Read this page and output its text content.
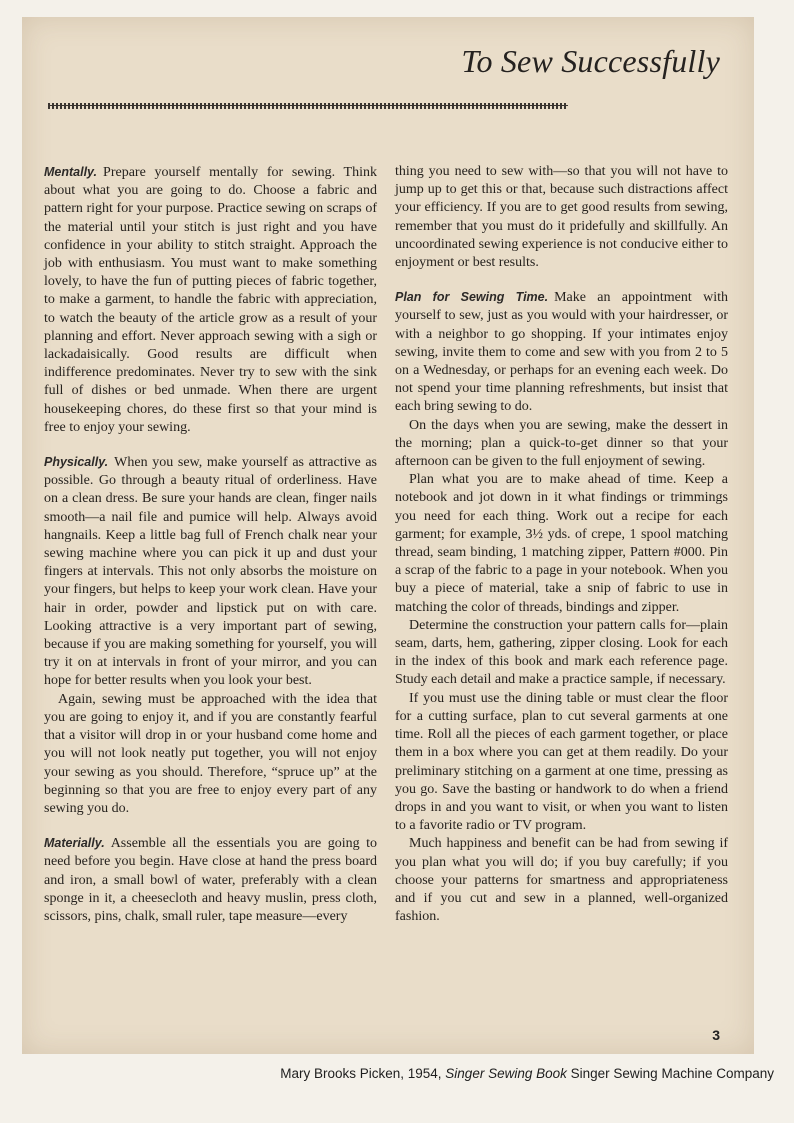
To Sew Successfully

Mentally. Prepare yourself mentally for sewing. Think about what you are going to do. Choose a fabric and pattern right for your purpose. Practice sewing on scraps of the material until your stitch is just right and you have confidence in your ability to stitch straight. Approach the job with enthusiasm. You must want to make something lovely, to have the fun of putting pieces of fabric together, to make a garment, to handle the fabric with appreciation, to watch the beauty of the article grow as a result of your planning and effort. Never approach sewing with a sigh or lackadaisically. Good results are difficult when indifference predominates. Never try to sew with the sink full of dishes or bed unmade. When there are urgent housekeeping chores, do these first so that your mind is free to enjoy your sewing.

Physically. When you sew, make yourself as attractive as possible. Go through a beauty ritual of orderliness. Have on a clean dress. Be sure your hands are clean, finger nails smooth—a nail file and pumice will help. Always avoid hangnails. Keep a little bag full of French chalk near your sewing machine where you can pick it up and dust your fingers at intervals. This not only absorbs the moisture on your fingers, but helps to keep your work clean. Have your hair in order, powder and lipstick put on with care. Looking attractive is a very important part of sewing, because if you are making something for yourself, you will try it on at intervals in front of your mirror, and you can hope for better results when you look your best.

Again, sewing must be approached with the idea that you are going to enjoy it, and if you are constantly fearful that a visitor will drop in or your husband come home and you will not look neatly put together, you will not enjoy your sewing as you should. Therefore, “spruce up” at the beginning so that you are free to enjoy every part of any sewing you do.

Materially. Assemble all the essentials you are going to need before you begin. Have close at hand the press board and iron, a small bowl of water, preferably with a clean sponge in it, a cheesecloth and heavy muslin, press cloth, scissors, pins, chalk, small ruler, tape measure—every

thing you need to sew with—so that you will not have to jump up to get this or that, because such distractions affect your efficiency. If you are to get good results from sewing, remember that you must do it pridefully and skillfully. An uncoordinated sewing experience is not conducive either to enjoyment or best results.

Plan for Sewing Time. Make an appointment with yourself to sew, just as you would with your hairdresser, or with a neighbor to go shopping. If your intimates enjoy sewing, invite them to come and sew with you from 2 to 5 on a Wednesday, or perhaps for an evening each week. Do not spend your time planning refreshments, but insist that each bring sewing to do.

On the days when you are sewing, make the dessert in the morning; plan a quick-to-get dinner so that your afternoon can be given to the full enjoyment of sewing.

Plan what you are to make ahead of time. Keep a notebook and jot down in it what findings or trimmings you need for each thing. Work out a recipe for each garment; for example, 3½ yds. of crepe, 1 spool matching thread, seam binding, 1 matching zipper, Pattern #000. Pin a scrap of the fabric to a page in your notebook. When you buy a piece of material, take a snip of fabric to use in matching the color of threads, bindings and zipper.

Determine the construction your pattern calls for—plain seam, darts, hem, gathering, zipper closing. Look for each in the index of this book and mark each reference page. Study each detail and make a practice sample, if necessary.

If you must use the dining table or must clear the floor for a cutting surface, plan to cut several garments at one time. Roll all the pieces of each garment together, or place them in a box where you can get at them readily. Do your preliminary stitching on a garment at one time, pressing as you go. Save the basting or handwork to do when a friend drops in and you want to visit, or when you want to listen to a favorite radio or TV program.

Much happiness and benefit can be had from sewing if you plan what you will do; if you buy carefully; if you choose your patterns for smartness and appropriateness and if you cut and sew in a planned, well-organized fashion.

3
Mary Brooks Picken, 1954, Singer Sewing Book Singer Sewing Machine Company
